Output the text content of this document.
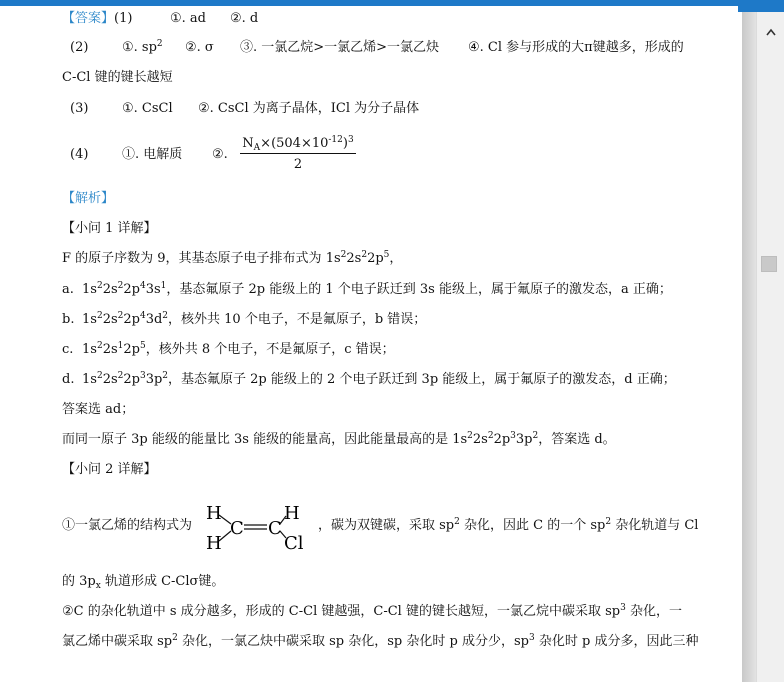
【答案】(1)	①. ad ②. d
(2)	①. $sp^2$ ②. σ ③. 一氯乙烷>一氯乙烯>一氯乙炔 ④. Cl 参与形成的大π键越多，形成的
C-Cl 键的键长越短
(3)	①. CsCl ②. CsCl 为离子晶体，ICl 为分子晶体
(4)	①. 电解质 ②. $\frac{N_A\times(504\times 10^{-12})^3}{2}$
【解析】
【小问 1 详解】
F 的原子序数为 9，其基态原子电子排布式为 $1s^22s^22p^5$，
a. $1s^22s^22p^43s^1$，基态氟原子 2p 能级上的 1 个电子跃迁到 3s 能级上，属于氟原子的激发态，a 正确；
b. $1s^22s^22p^43d^2$，核外共 10 个电子，不是氟原子，b 错误；
c. $1s^22s^12p^5$，核外共 8 个电子，不是氟原子，c 错误；
d. $1s^22s^22p^33p^2$，基态氟原子 2p 能级上的 2 个电子跃迁到 3p 能级上，属于氟原子的激发态，d 正确；
答案选 ad；
而同一原子 3p 能级的能量比 3s 能级的能量高，因此能量最高的是 $1s^22s^22p^33p^2$，答案选 d。
【小问 2 详解】
①一氯乙烯的结构式为
H
H
C C
H
Cl
，碳为双键碳，采取 $sp^2$ 杂化，因此 C 的一个 $sp^2$ 杂化轨道与 Cl
的 $3p_x$ 轨道形成 C-Clσ键。
②C 的杂化轨道中 s 成分越多，形成的 C-Cl 键越强，C-Cl 键的键长越短，一氯乙烷中碳采取 $sp^3$ 杂化，一
氯乙烯中碳采取 $sp^2$ 杂化，一氯乙炔中碳采取 sp 杂化，sp 杂化时 p 成分少，$sp^3$ 杂化时 p 成分多，因此三种
